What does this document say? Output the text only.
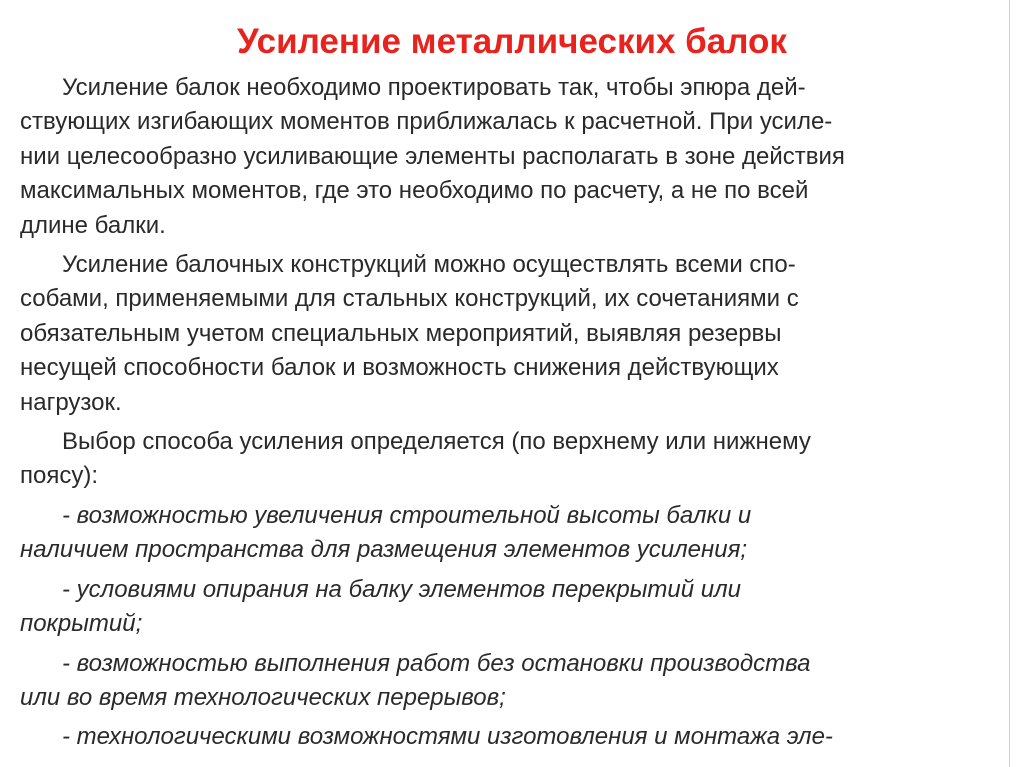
Усиление металлических балок

Усиление балок необходимо проектировать так, чтобы эпюра дей-
ствующих изгибающих моментов приближалась к расчетной. При усиле-
нии целесообразно усиливающие элементы располагать в зоне действия
максимальных моментов, где это необходимо по расчету, а не по всей
длине балки.

Усиление балочных конструкций можно осуществлять всеми спо-
собами, применяемыми для стальных конструкций, их сочетаниями с
обязательным учетом специальных мероприятий, выявляя резервы
несущей способности балок и возможность снижения действующих
нагрузок.

Выбор способа усиления определяется (по верхнему или нижнему
поясу):

- возможностью увеличения строительной высоты балки и
наличием пространства для размещения элементов усиления;

- условиями опирания на балку элементов перекрытий или
покрытий;

- возможностью выполнения работ без остановки производства
или во время технологических перерывов;

- технологическими возможностями изготовления и монтажа эле-
